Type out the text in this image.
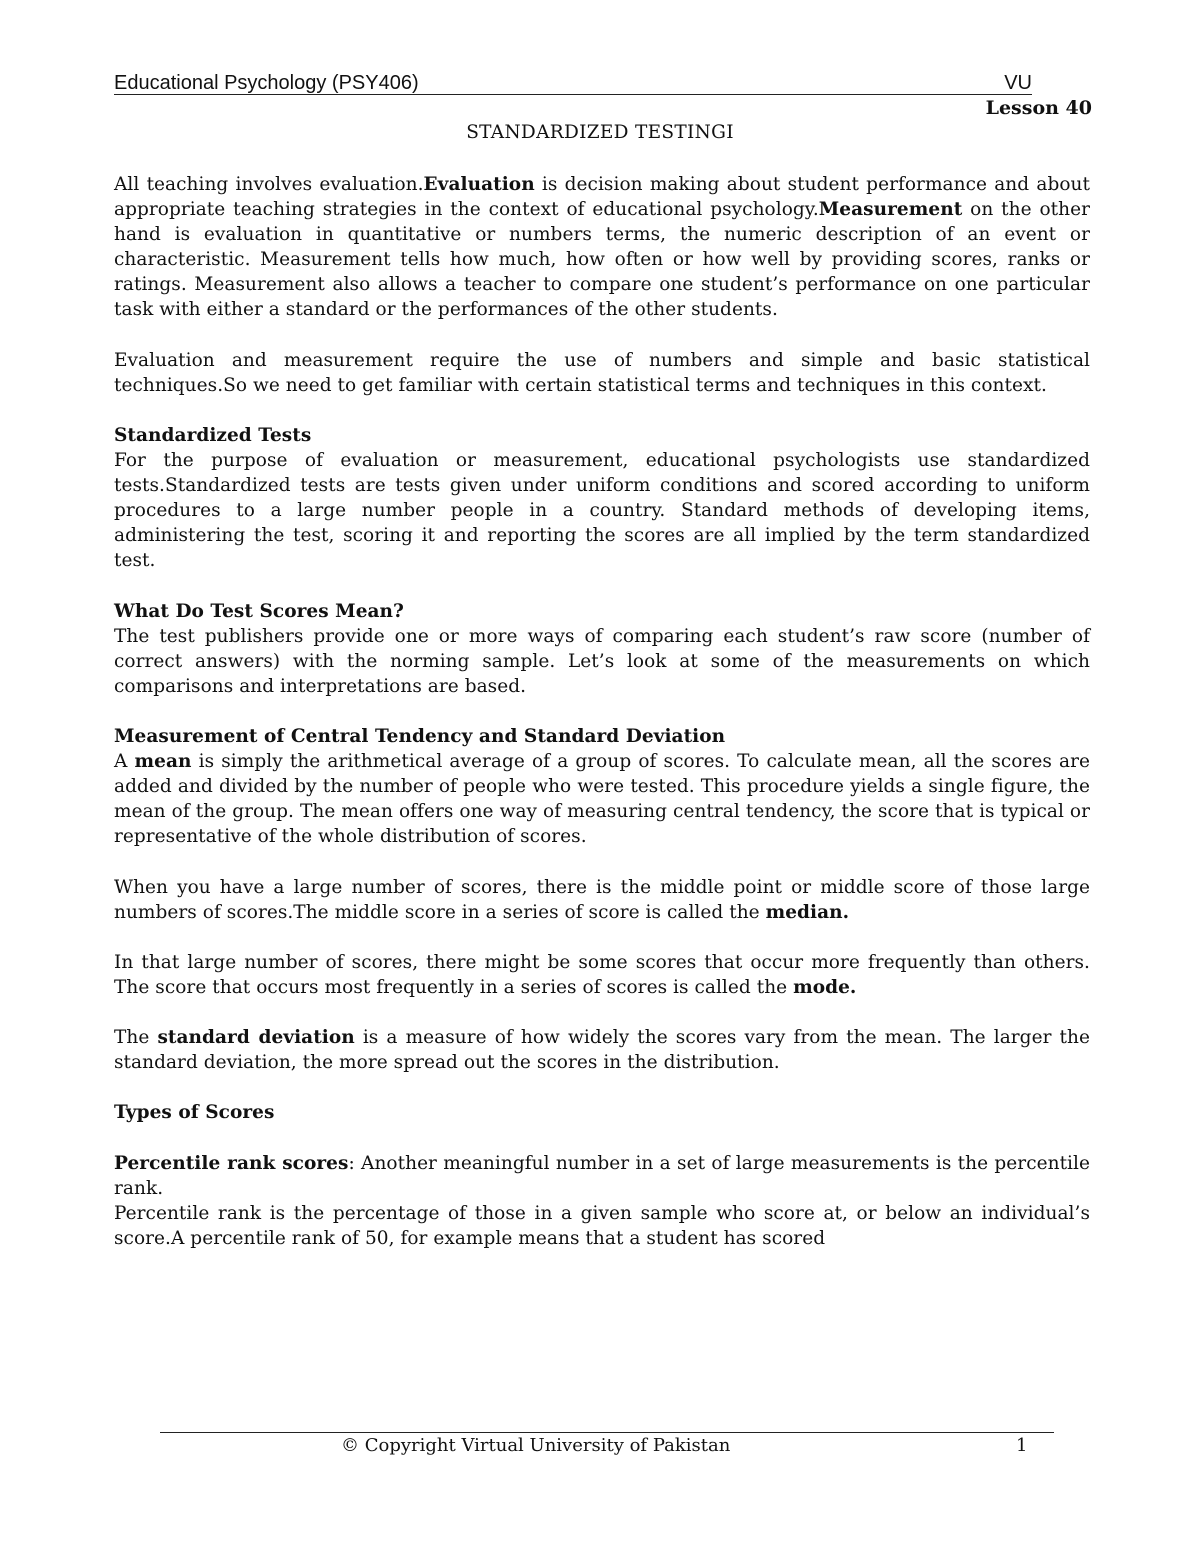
Educational Psychology (PSY406)	VU
Lesson 40
STANDARDIZED TESTINGI

All teaching involves evaluation.Evaluation is decision making about student performance and about appropriate teaching strategies in the context of educational psychology.Measurement on the other hand is evaluation in quantitative or numbers terms, the numeric description of an event or characteristic. Measurement tells how much, how often or how well by providing scores, ranks or ratings. Measurement also allows a teacher to compare one student’s performance on one particular task with either a standard or the performances of the other students.

Evaluation and measurement require the use of numbers and simple and basic statistical techniques.So we need to get familiar with certain statistical terms and techniques in this context.

Standardized Tests

For the purpose of evaluation or measurement, educational psychologists use standardized tests.Standardized tests are tests given under uniform conditions and scored according to uniform procedures to a large number people in a country. Standard methods of developing items, administering the test, scoring it and reporting the scores are all implied by the term standardized test.

What Do Test Scores Mean?

The test publishers provide one or more ways of comparing each student’s raw score (number of correct answers) with the norming sample. Let’s look at some of the measurements on which comparisons and interpretations are based.

Measurement of Central Tendency and Standard Deviation

A mean is simply the arithmetical average of a group of scores. To calculate mean, all the scores are added and divided by the number of people who were tested. This procedure yields a single figure, the mean of the group. The mean offers one way of measuring central tendency, the score that is typical or representative of the whole distribution of scores.

When you have a large number of scores, there is the middle point or middle score of those large numbers of scores.The middle score in a series of score is called the median.

In that large number of scores, there might be some scores that occur more frequently than others. The score that occurs most frequently in a series of scores is called the mode.

The standard deviation is a measure of how widely the scores vary from the mean. The larger the standard deviation, the more spread out the scores in the distribution.

Types of Scores

Percentile rank scores: Another meaningful number in a set of large measurements is the percentile rank.

Percentile rank is the percentage of those in a given sample who score at, or below an individual’s score.A percentile rank of 50, for example means that a student has scored

© Copyright Virtual University of Pakistan	1
